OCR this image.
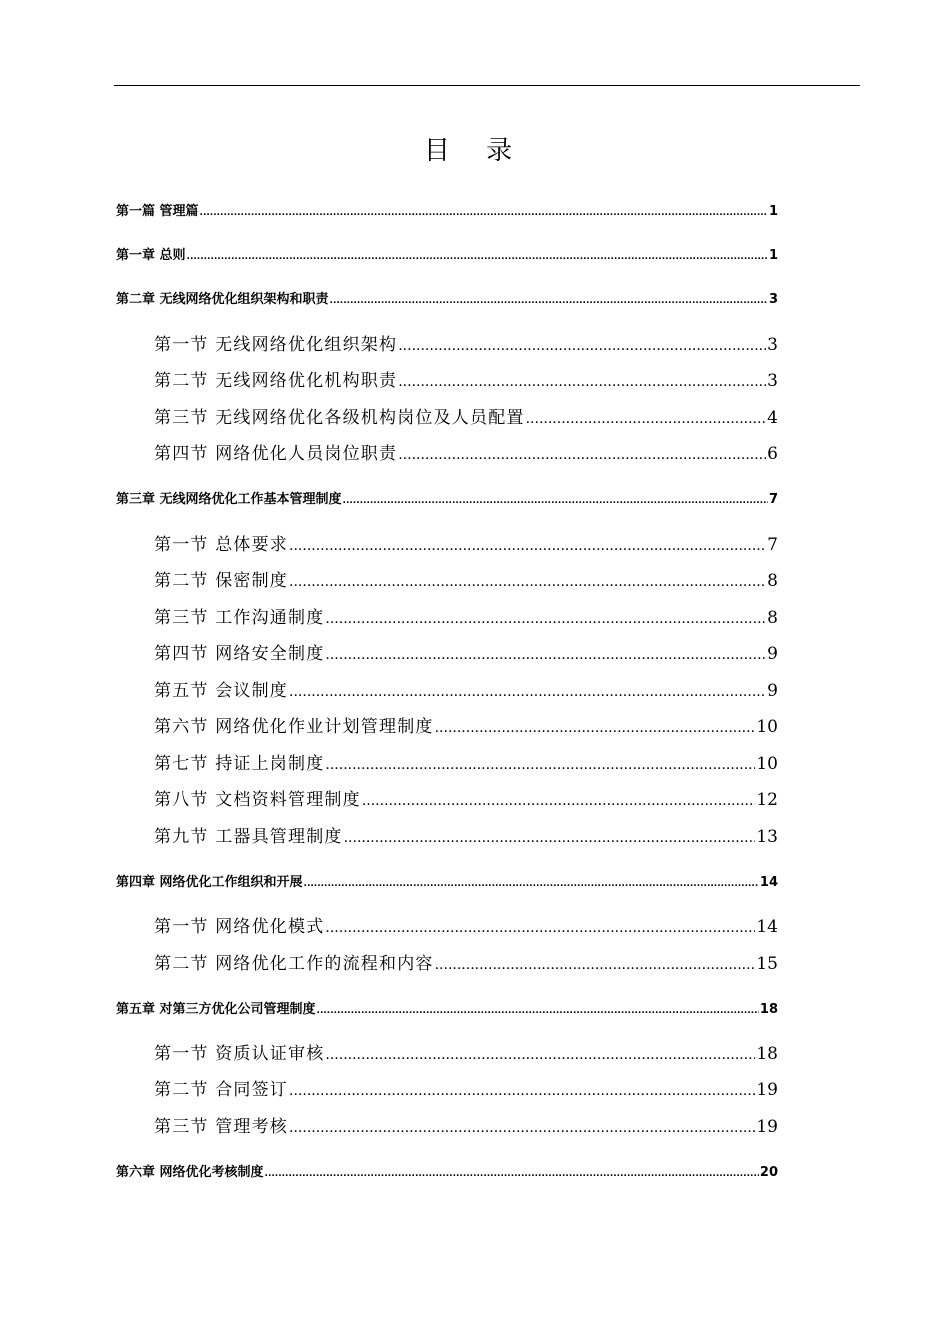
目 录
第一篇 管理篇 .....	1
第一章 总则 .....	1
第二章 无线网络优化组织架构和职责 .....	3
第一节 无线网络优化组织架构 .....	3
第二节 无线网络优化机构职责 .....	3
第三节 无线网络优化各级机构岗位及人员配置 .....	4
第四节 网络优化人员岗位职责 .....	6
第三章 无线网络优化工作基本管理制度 .....	7
第一节 总体要求 .....	7
第二节 保密制度 .....	8
第三节 工作沟通制度 .....	8
第四节 网络安全制度 .....	9
第五节 会议制度 .....	9
第六节 网络优化作业计划管理制度 .....	10
第七节 持证上岗制度 .....	10
第八节 文档资料管理制度 .....	12
第九节 工器具管理制度 .....	13
第四章 网络优化工作组织和开展 .....	14
第一节 网络优化模式 .....	14
第二节 网络优化工作的流程和内容 .....	15
第五章 对第三方优化公司管理制度 .....	18
第一节 资质认证审核 .....	18
第二节 合同签订 .....	19
第三节 管理考核 .....	19
第六章 网络优化考核制度 .....	20
